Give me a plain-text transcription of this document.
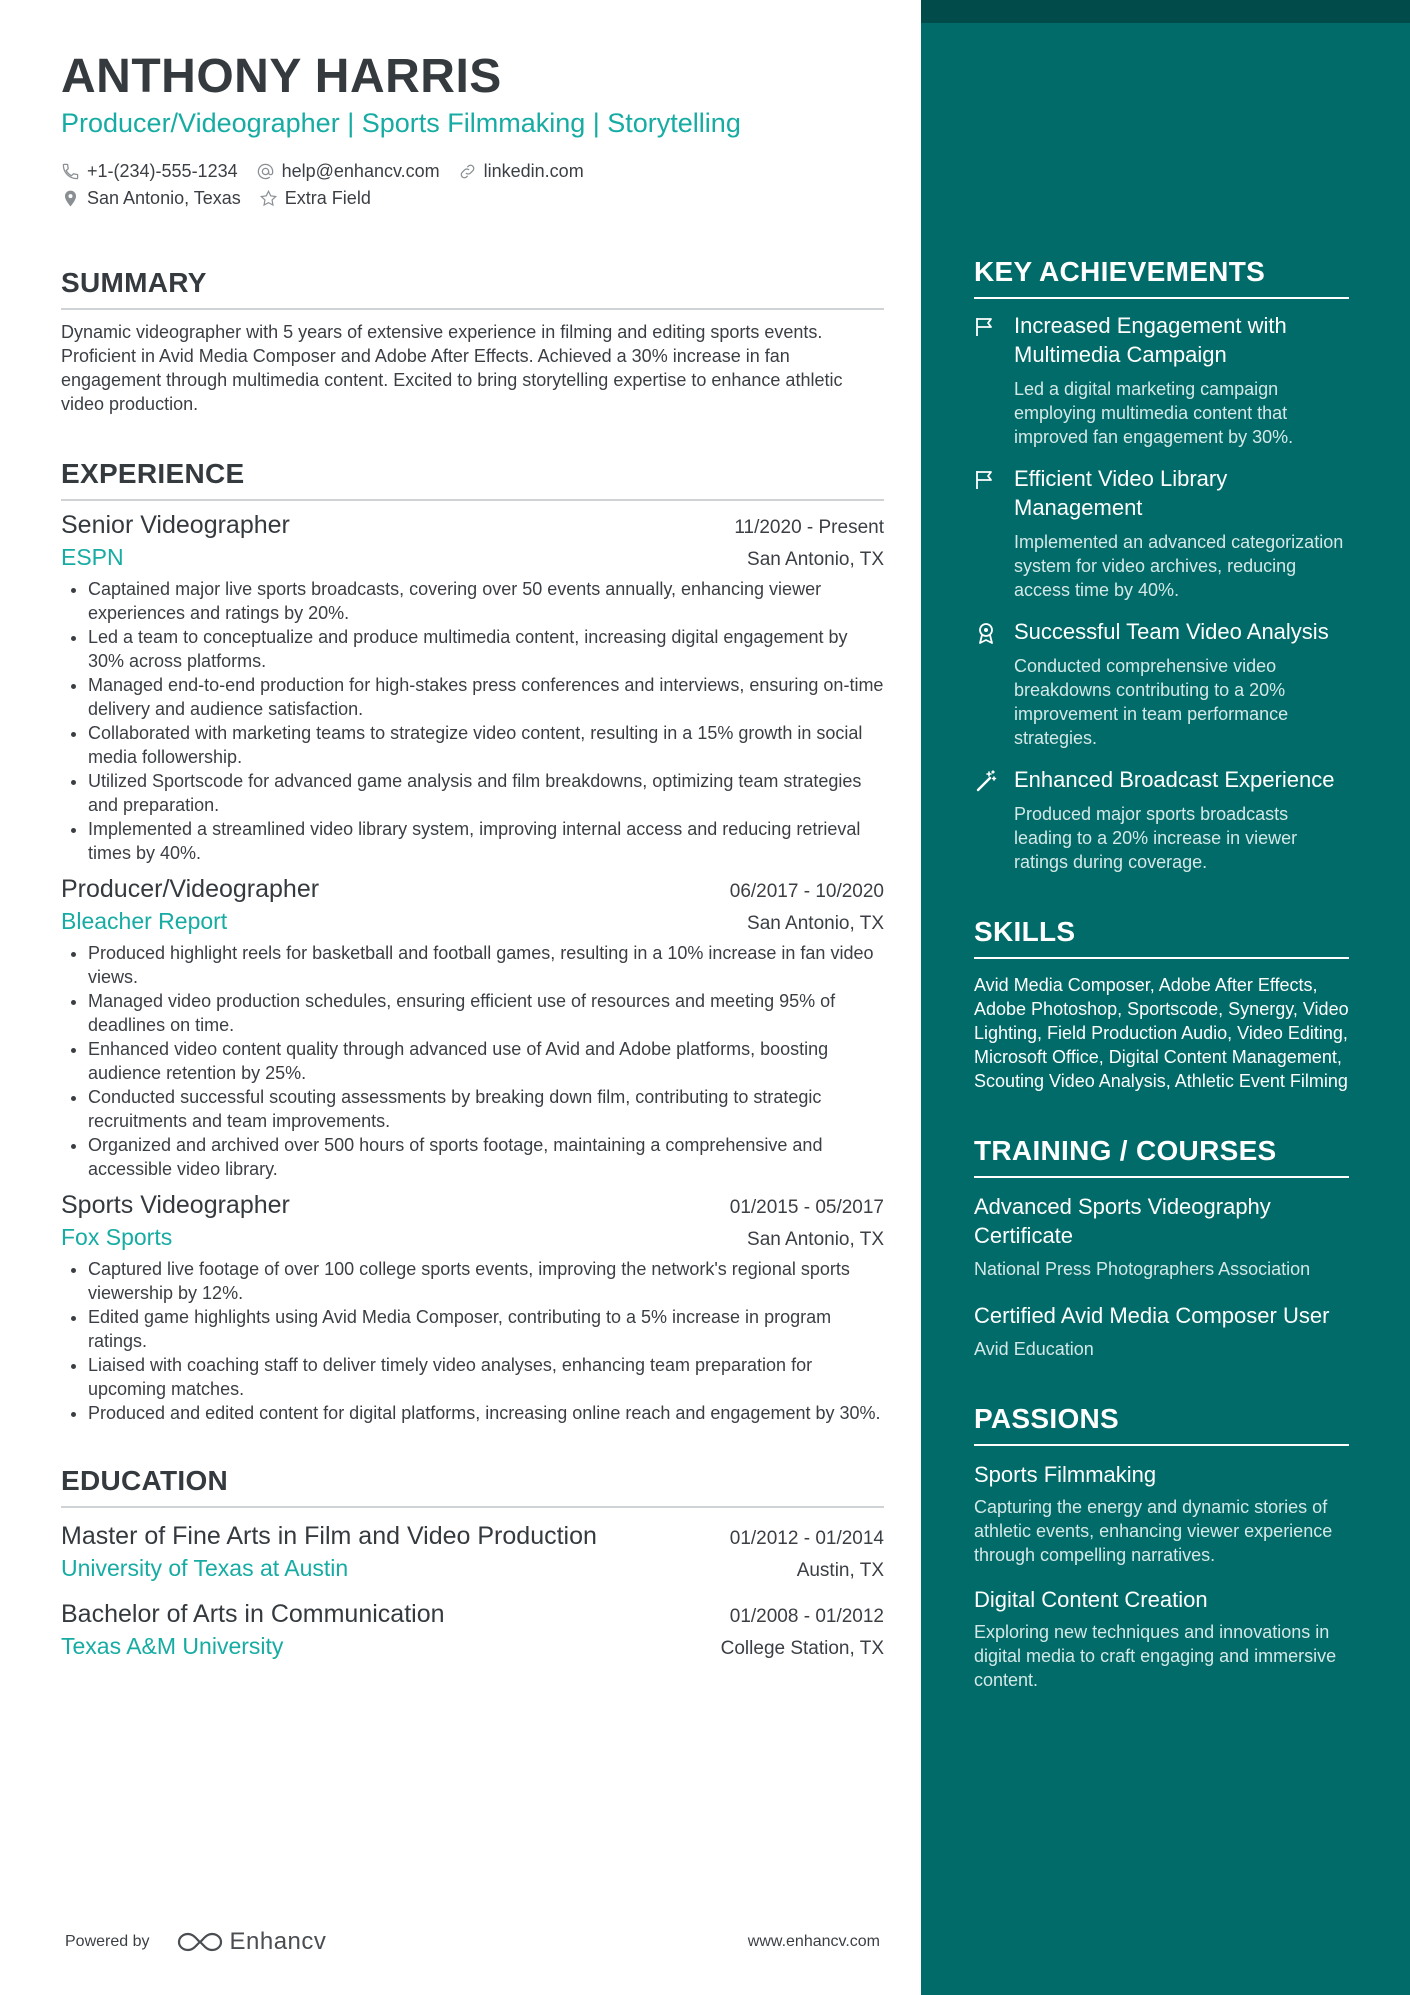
ANTHONY HARRIS
Producer/Videographer | Sports Filmmaking | Storytelling
+1-(234)-555-1234 help@enhancv.com linkedin.com
San Antonio, Texas Extra Field
SUMMARY
Dynamic videographer with 5 years of extensive experience in filming and editing sports events. Proficient in Avid Media Composer and Adobe After Effects. Achieved a 30% increase in fan engagement through multimedia content. Excited to bring storytelling expertise to enhance athletic video production.
EXPERIENCE
Senior Videographer	11/2020 - Present
ESPN	San Antonio, TX
• Captained major live sports broadcasts, covering over 50 events annually, enhancing viewer experiences and ratings by 20%.
• Led a team to conceptualize and produce multimedia content, increasing digital engagement by 30% across platforms.
• Managed end-to-end production for high-stakes press conferences and interviews, ensuring on-time delivery and audience satisfaction.
• Collaborated with marketing teams to strategize video content, resulting in a 15% growth in social media followership.
• Utilized Sportscode for advanced game analysis and film breakdowns, optimizing team strategies and preparation.
• Implemented a streamlined video library system, improving internal access and reducing retrieval times by 40%.
Producer/Videographer	06/2017 - 10/2020
Bleacher Report	San Antonio, TX
• Produced highlight reels for basketball and football games, resulting in a 10% increase in fan video views.
• Managed video production schedules, ensuring efficient use of resources and meeting 95% of deadlines on time.
• Enhanced video content quality through advanced use of Avid and Adobe platforms, boosting audience retention by 25%.
• Conducted successful scouting assessments by breaking down film, contributing to strategic recruitments and team improvements.
• Organized and archived over 500 hours of sports footage, maintaining a comprehensive and accessible video library.
Sports Videographer	01/2015 - 05/2017
Fox Sports	San Antonio, TX
• Captured live footage of over 100 college sports events, improving the network's regional sports viewership by 12%.
• Edited game highlights using Avid Media Composer, contributing to a 5% increase in program ratings.
• Liaised with coaching staff to deliver timely video analyses, enhancing team preparation for upcoming matches.
• Produced and edited content for digital platforms, increasing online reach and engagement by 30%.
EDUCATION
Master of Fine Arts in Film and Video Production	01/2012 - 01/2014
University of Texas at Austin	Austin, TX
Bachelor of Arts in Communication	01/2008 - 01/2012
Texas A&M University	College Station, TX
KEY ACHIEVEMENTS
Increased Engagement with Multimedia Campaign
Led a digital marketing campaign employing multimedia content that improved fan engagement by 30%.
Efficient Video Library Management
Implemented an advanced categorization system for video archives, reducing access time by 40%.
Successful Team Video Analysis
Conducted comprehensive video breakdowns contributing to a 20% improvement in team performance strategies.
Enhanced Broadcast Experience
Produced major sports broadcasts leading to a 20% increase in viewer ratings during coverage.
SKILLS
Avid Media Composer, Adobe After Effects, Adobe Photoshop, Sportscode, Synergy, Video Lighting, Field Production Audio, Video Editing, Microsoft Office, Digital Content Management, Scouting Video Analysis, Athletic Event Filming
TRAINING / COURSES
Advanced Sports Videography Certificate
National Press Photographers Association
Certified Avid Media Composer User
Avid Education
PASSIONS
Sports Filmmaking
Capturing the energy and dynamic stories of athletic events, enhancing viewer experience through compelling narratives.
Digital Content Creation
Exploring new techniques and innovations in digital media to craft engaging and immersive content.
Powered by	Enhancv	www.enhancv.com
